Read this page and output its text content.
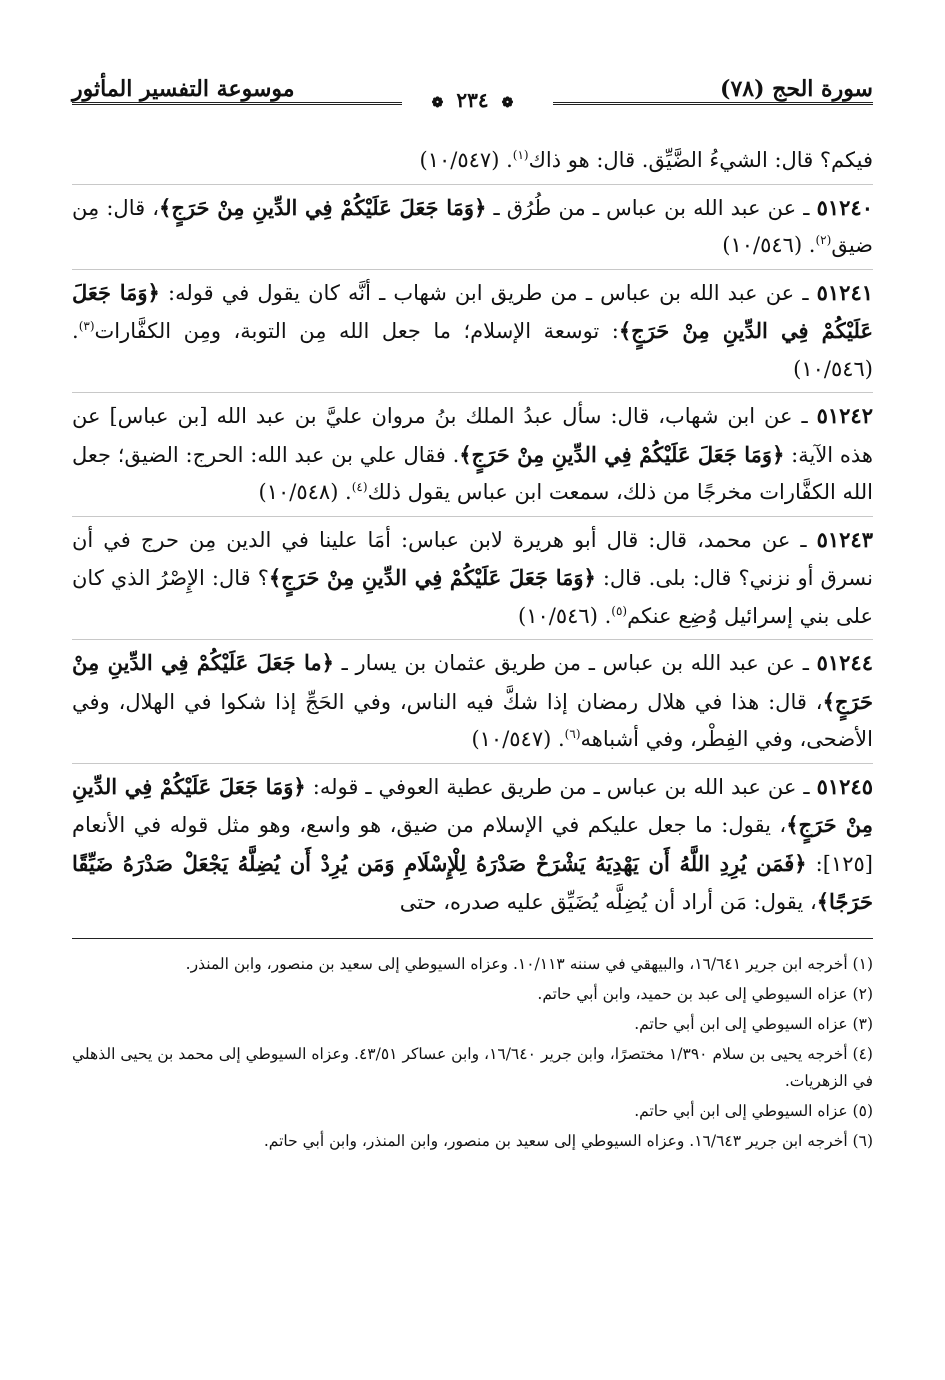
سورة الحج (٧٨)
❁ ٢٣٤ ❁
موسوعة التفسير المأثور
فيكم؟ قال: الشيءُ الضَّيِّق. قال: هو ذاك$^{(١)}$. (١٠/٥٤٧)
٥١٢٤٠ ـ عن عبد الله بن عباس ـ من طُرُق ـ ﴿وَمَا جَعَلَ عَلَيْكُمْ فِي الدِّينِ مِنْ حَرَجٍ﴾، قال: مِن ضيق$^{(٢)}$. (١٠/٥٤٦)
٥١٢٤١ ـ عن عبد الله بن عباس ـ من طريق ابن شهاب ـ أنَّه كان يقول في قوله: ﴿وَمَا جَعَلَ عَلَيْكُمْ فِي الدِّينِ مِنْ حَرَجٍ﴾: توسعة الإسلام؛ ما جعل الله مِن التوبة، ومِن الكفَّارات$^{(٣)}$. (١٠/٥٤٦)
٥١٢٤٢ ـ عن ابن شهاب، قال: سأل عبدُ الملك بنُ مروان عليَّ بن عبد الله [بن عباس] عن هذه الآية: ﴿وَمَا جَعَلَ عَلَيْكُمْ فِي الدِّينِ مِنْ حَرَجٍ﴾. فقال علي بن عبد الله: الحرج: الضيق؛ جعل الله الكفَّارات مخرجًا من ذلك، سمعت ابن عباس يقول ذلك$^{(٤)}$. (١٠/٥٤٨)
٥١٢٤٣ ـ عن محمد، قال: قال أبو هريرة لابن عباس: أمَا علينا في الدين مِن حرج في أن نسرق أو نزني؟ قال: بلى. قال: ﴿وَمَا جَعَلَ عَلَيْكُمْ فِي الدِّينِ مِنْ حَرَجٍ﴾؟ قال: الإِصْرُ الذي كان على بني إسرائيل وُضِع عنكم$^{(٥)}$. (١٠/٥٤٦)
٥١٢٤٤ ـ عن عبد الله بن عباس ـ من طريق عثمان بن يسار ـ ﴿ما جَعَلَ عَلَيْكُمْ فِي الدِّينِ مِنْ حَرَجٍ﴾، قال: هذا في هلال رمضان إذا شكَّ فيه الناس، وفي الحَجِّ إذا شكوا في الهلال، وفي الأضحى، وفي الفِطْر، وفي أشباهه$^{(٦)}$. (١٠/٥٤٧)
٥١٢٤٥ ـ عن عبد الله بن عباس ـ من طريق عطية العوفي ـ قوله: ﴿وَمَا جَعَلَ عَلَيْكُمْ فِي الدِّينِ مِنْ حَرَجٍ﴾، يقول: ما جعل عليكم في الإسلام من ضيق، هو واسع، وهو مثل قوله في الأنعام [١٢٥]: ﴿فَمَن يُرِدِ اللَّهُ أَن يَهْدِيَهُ يَشْرَحْ صَدْرَهُ لِلْإِسْلَامِ وَمَن يُرِدْ أَن يُضِلَّهُ يَجْعَلْ صَدْرَهُ ضَيِّقًا حَرَجًا﴾، يقول: مَن أراد أن يُضِلَّه يُضَيِّق عليه صدره، حتى

(١) أخرجه ابن جرير ١٦/٦٤١، والبيهقي في سننه ١٠/١١٣. وعزاه السيوطي إلى سعيد بن منصور، وابن المنذر.

(٢) عزاه السيوطي إلى عبد بن حميد، وابن أبي حاتم.

(٣) عزاه السيوطي إلى ابن أبي حاتم.

(٤) أخرجه يحيى بن سلام ١/٣٩٠ مختصرًا، وابن جرير ١٦/٦٤٠، وابن عساكر ٤٣/٥١. وعزاه السيوطي إلى محمد بن يحيى الذهلي في الزهريات.

(٥) عزاه السيوطي إلى ابن أبي حاتم.

(٦) أخرجه ابن جرير ١٦/٦٤٣. وعزاه السيوطي إلى سعيد بن منصور، وابن المنذر، وابن أبي حاتم.
